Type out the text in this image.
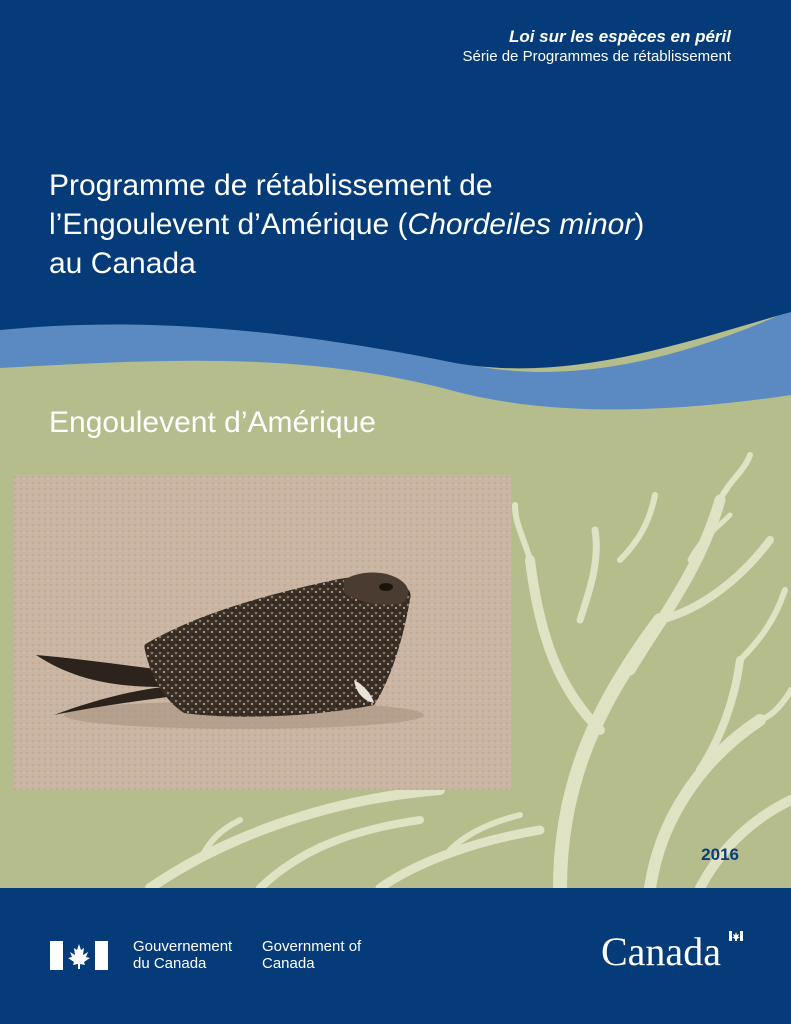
Loi sur les espèces en péril
Série de Programmes de rétablissement
Programme de rétablissement de
l’Engoulevent d’Amérique (Chordeiles minor)
au Canada
Engoulevent d’Amérique
2016
Gouvernement du Canada
Government of Canada	Canada
